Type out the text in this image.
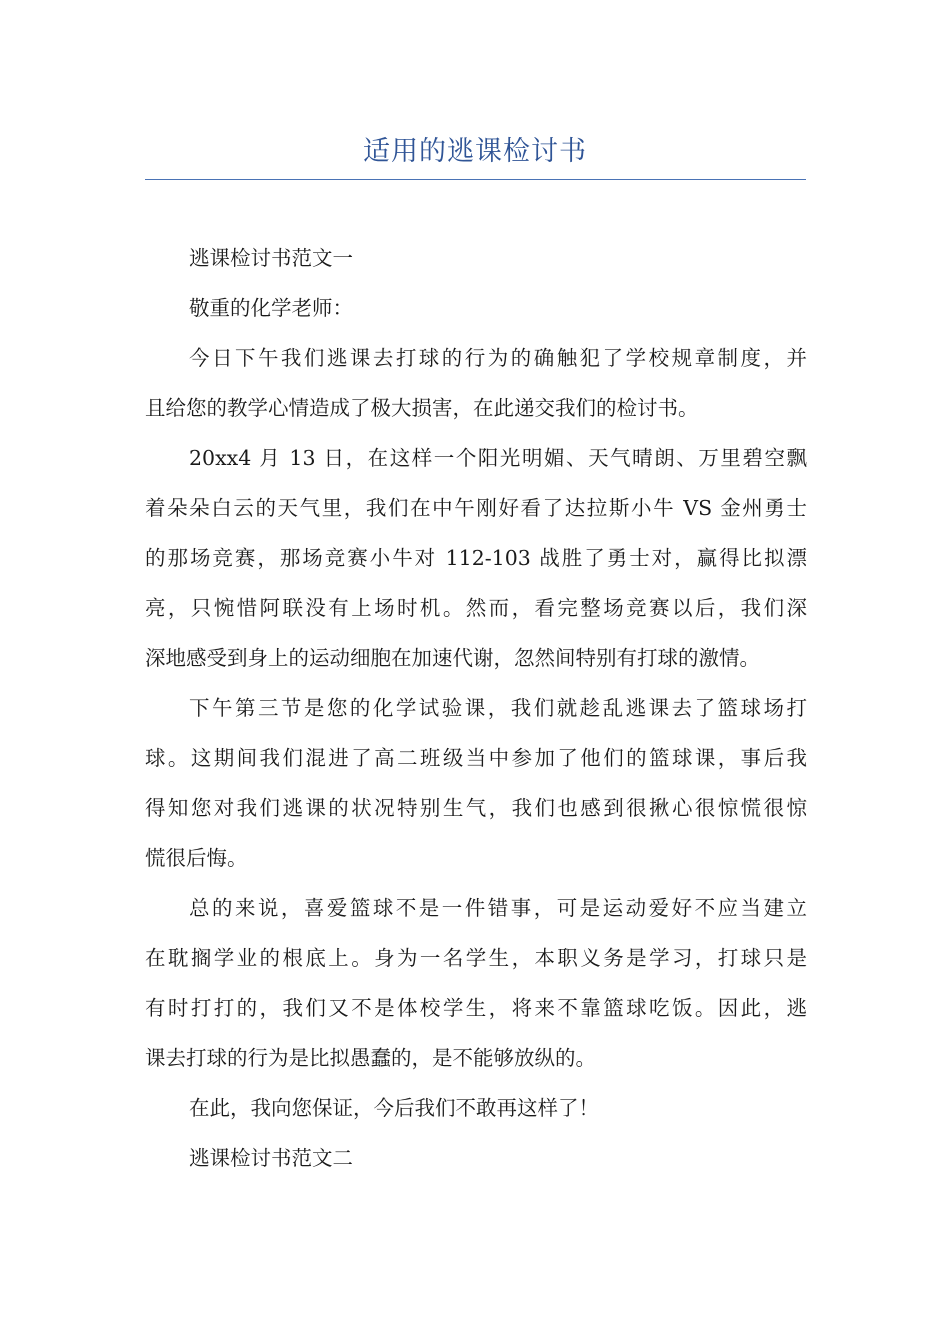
适用的逃课检讨书
逃课检讨书范文一
敬重的化学老师：
今日下午我们逃课去打球的行为的确触犯了学校规章制度，并
且给您的教学心情造成了极大损害，在此递交我们的检讨书。
20xx4 月 13 日，在这样一个阳光明媚、天气晴朗、万里碧空飘
着朵朵白云的天气里，我们在中午刚好看了达拉斯小牛 VS 金州勇士
的那场竞赛，那场竞赛小牛对 112-103 战胜了勇士对，赢得比拟漂
亮，只惋惜阿联没有上场时机。然而，看完整场竞赛以后，我们深
深地感受到身上的运动细胞在加速代谢，忽然间特别有打球的激情。
下午第三节是您的化学试验课，我们就趁乱逃课去了篮球场打
球。这期间我们混进了高二班级当中参加了他们的篮球课，事后我
得知您对我们逃课的状况特别生气，我们也感到很揪心很惊慌很惊
慌很后悔。
总的来说，喜爱篮球不是一件错事，可是运动爱好不应当建立
在耽搁学业的根底上。身为一名学生，本职义务是学习，打球只是
有时打打的，我们又不是体校学生，将来不靠篮球吃饭。因此，逃
课去打球的行为是比拟愚蠢的，是不能够放纵的。
在此，我向您保证，今后我们不敢再这样了！
逃课检讨书范文二
